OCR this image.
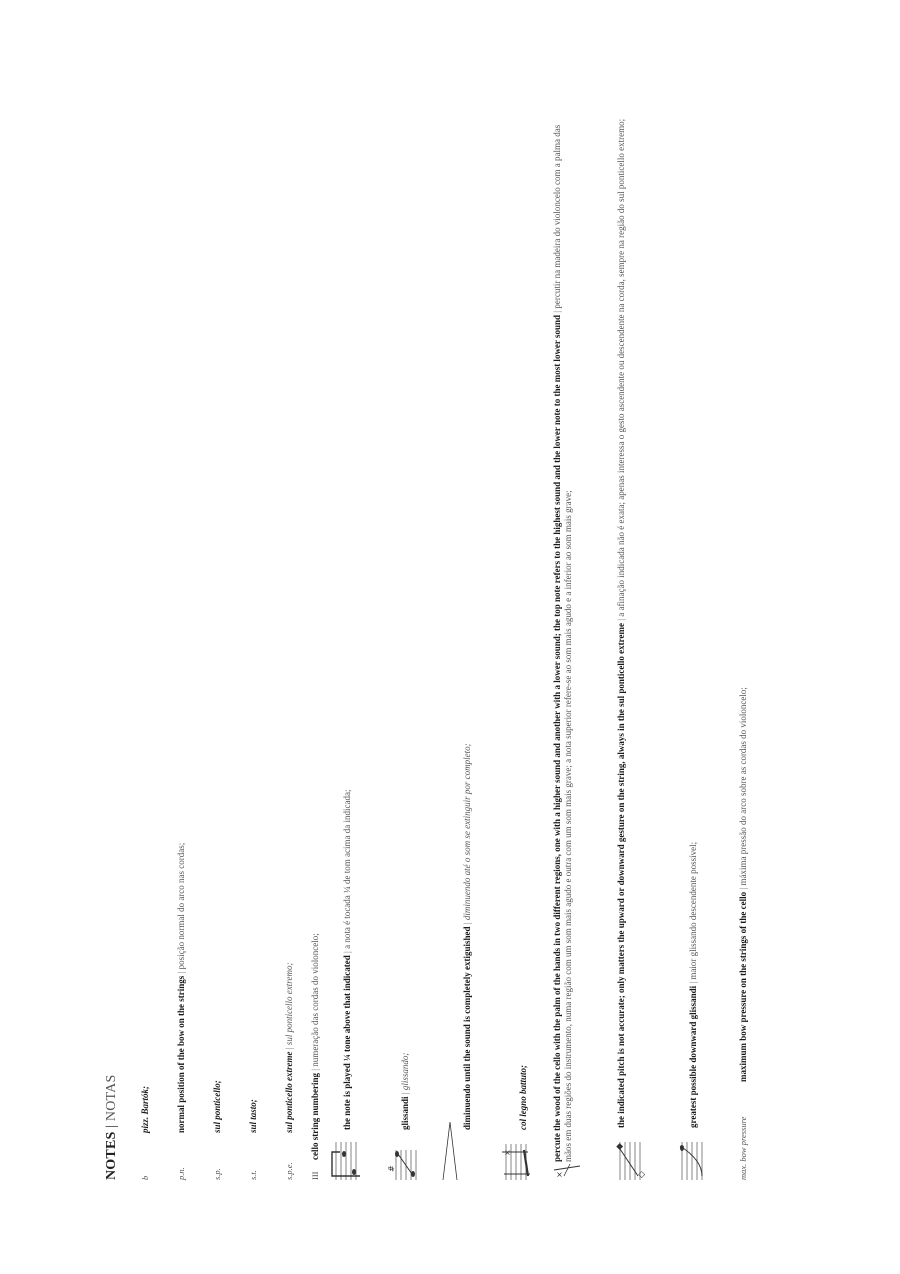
NOTES | NOTAS
b
pizz. Bartók;
p.n.
normal position of the bow on the strings | posição normal do arco nas cordas;
s.p.
sul ponticello;
s.t.
sul tasto;
s.p.e.
sul ponticello extreme | sul ponticello extremo;
III
cello string numbering | numeração das cordas do violoncelo; the note is played ¼ tone above that indicated | a nota é tocada ¼ de tom acima da indicada;
#
glissandi | glissando;	diminuendo until the sound is completely extiguished | diminuendo até o som se extinguir por completo;
×
col legno battuto;
×
percute the wood of the cello with the palm of the hands in two different regions, one with a higher sound and another with a lower sound; the top note refers to the highest sound and the lower note to the most lower sound | percutir na madeira do violoncelo com a palma das mãos em duas regiões do instrumento, numa região com um som mais agudo e outra com um som mais grave; a nota superior refere-se ao som mais agudo e a inferior ao som mais grave;
◇
◆
the indicated pitch is not accurate; only matters the upward or downward gesture on the string, always in the sul ponticello extreme | a afinação indicada não é exata; apenas interessa o gesto ascendente ou descendente na corda, sempre na região do sul ponticello extremo;
greatest possible downward glissandi | maior glissando descendente possível;
max. bow pressure
maximum bow pressure on the strings of the cello | máxima pressão do arco sobre as cordas do violoncelo;
